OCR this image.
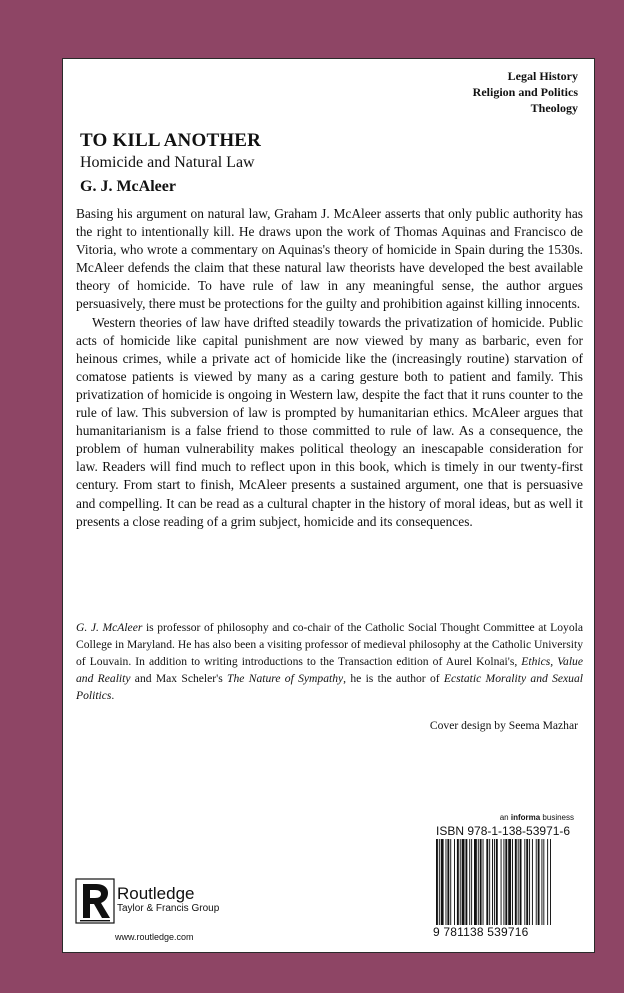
Legal History
Religion and Politics
Theology
TO KILL ANOTHER
Homicide and Natural Law
G. J. McAleer

Basing his argument on natural law, Graham J. McAleer asserts that only public authority has the right to intentionally kill. He draws upon the work of Thomas Aquinas and Francisco de Vitoria, who wrote a commentary on Aquinas's theory of homicide in Spain during the 1530s. McAleer defends the claim that these natural law theorists have developed the best available theory of homicide. To have rule of law in any meaningful sense, the author argues persuasively, there must be protections for the guilty and prohibition against killing innocents.

Western theories of law have drifted steadily towards the privatization of homicide. Public acts of homicide like capital punishment are now viewed by many as barbaric, even for heinous crimes, while a private act of homicide like the (increasingly routine) starvation of comatose patients is viewed by many as a caring gesture both to patient and family. This privatization of homicide is ongoing in Western law, despite the fact that it runs counter to the rule of law. This subversion of law is prompted by humanitarian ethics. McAleer argues that humanitarianism is a false friend to those committed to rule of law. As a consequence, the problem of human vulnerability makes political theology an inescapable consideration for law. Readers will find much to reflect upon in this book, which is timely in our twenty-first century. From start to finish, McAleer presents a sustained argument, one that is persuasive and compelling. It can be read as a cultural chapter in the history of moral ideas, but as well it presents a close reading of a grim subject, homicide and its consequences.

G. J. McAleer is professor of philosophy and co-chair of the Catholic Social Thought Committee at Loyola College in Maryland. He has also been a visiting professor of medieval philosophy at the Catholic University of Louvain. In addition to writing introductions to the Transaction edition of Aurel Kolnai's, Ethics, Value and Reality and Max Scheler's The Nature of Sympathy, he is the author of Ecstatic Morality and Sexual Politics.
Cover design by Seema Mazhar
an informa business
ISBN 978-1-138-53971-6
9 781138 539716
Routledge
Taylor & Francis Group
www.routledge.com
